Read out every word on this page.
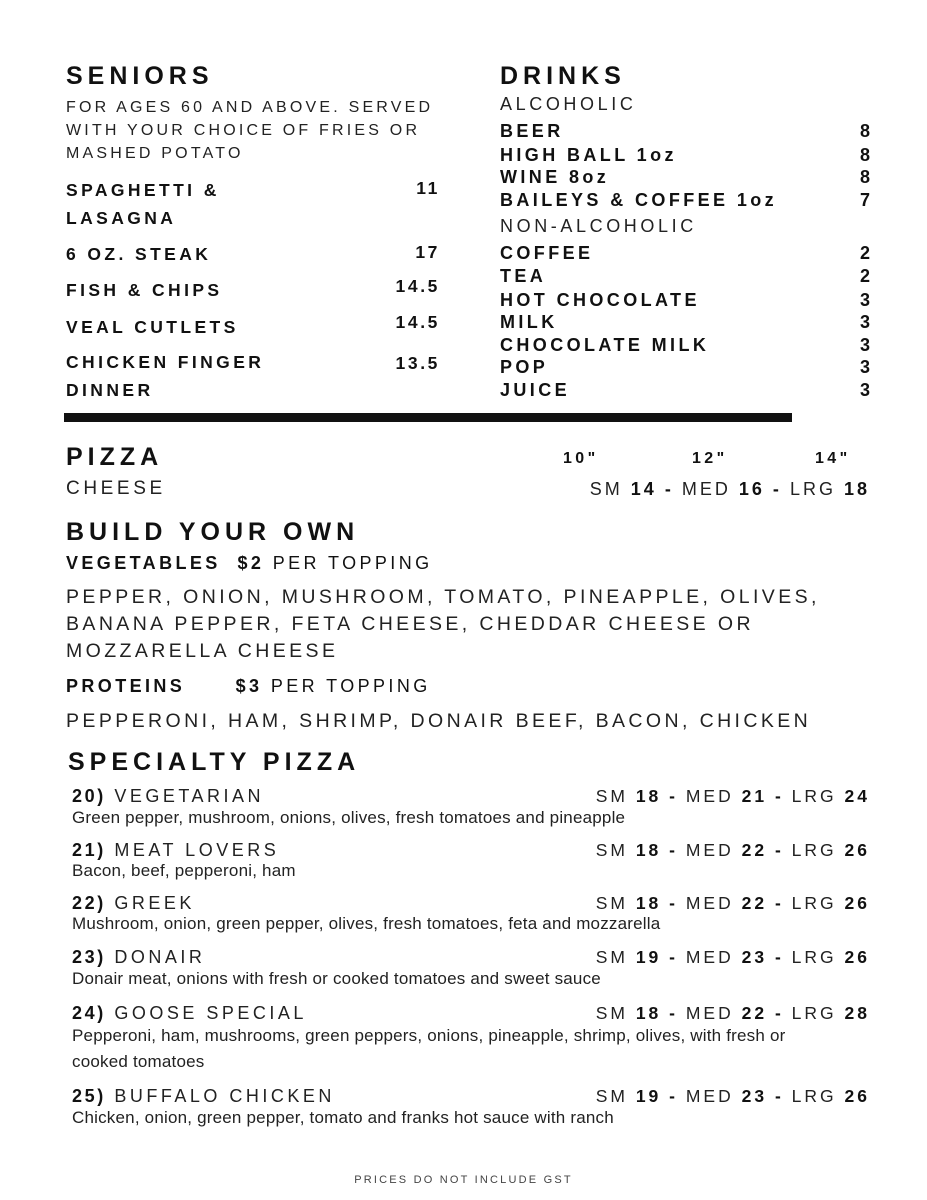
SENIORS
FOR AGES 60 AND ABOVE. SERVED WITH YOUR CHOICE OF FRIES OR MASHED POTATO
SPAGHETTI &
LASAGNA
11
6 OZ. STEAK	17
FISH & CHIPS	14.5
VEAL CUTLETS	14.5
CHICKEN FINGER
DINNER
13.5
DRINKS
ALCOHOLIC
BEER	8
HIGH BALL 1oz	8
WINE 8oz	8
BAILEYS & COFFEE 1oz	7
NON-ALCOHOLIC
COFFEE	2
TEA	2
HOT CHOCOLATE	3
MILK	3
CHOCOLATE MILK	3
POP	3
JUICE	3
PIZZA	10"	12"	14"
CHEESE	SM 14 - MED 16 - LRG 18
BUILD YOUR OWN
VEGETABLES $2 PER TOPPING
PEPPER, ONION, MUSHROOM, TOMATO, PINEAPPLE, OLIVES, BANANA PEPPER, FETA CHEESE, CHEDDAR CHEESE OR MOZZARELLA CHEESE
PROTEINS	$3 PER TOPPING
PEPPERONI, HAM, SHRIMP, DONAIR BEEF, BACON, CHICKEN
SPECIALTY PIZZA
20) VEGETARIAN	SM 18 - MED 21 - LRG 24
Green pepper, mushroom, onions, olives, fresh tomatoes and pineapple
21) MEAT LOVERS	SM 18 - MED 22 - LRG 26
Bacon, beef, pepperoni, ham
22) GREEK	SM 18 - MED 22 - LRG 26
Mushroom, onion, green pepper, olives, fresh tomatoes, feta and mozzarella
23) DONAIR	SM 19 - MED 23 - LRG 26
Donair meat, onions with fresh or cooked tomatoes and sweet sauce
24) GOOSE SPECIAL	SM 18 - MED 22 - LRG 28
Pepperoni, ham, mushrooms, green peppers, onions, pineapple, shrimp, olives, with fresh or cooked tomatoes
25) BUFFALO CHICKEN	SM 19 - MED 23 - LRG 26
Chicken, onion, green pepper, tomato and franks hot sauce with ranch
PRICES DO NOT INCLUDE GST
